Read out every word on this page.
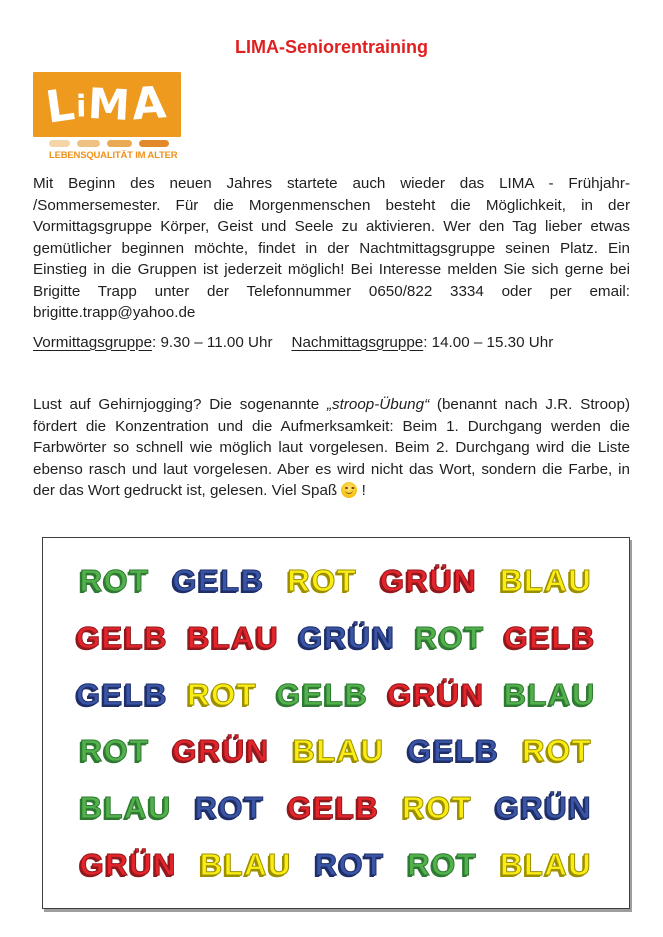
LIMA-Seniorentraining
LiMA
LEBENSQUALITÄT IM ALTER
Mit Beginn des neuen Jahres startete auch wieder das LIMA - Frühjahr-
/Sommersemester. Für die Morgenmenschen besteht die Möglichkeit, in der
Vormittagsgruppe Körper, Geist und Seele zu aktivieren. Wer den Tag lieber etwas
gemütlicher beginnen möchte, findet in der Nachtmittagsgruppe seinen Platz. Ein
Einstieg in die Gruppen ist jederzeit möglich! Bei Interesse melden Sie sich gerne bei
Brigitte Trapp unter der Telefonnummer 0650/822 3334 oder per email:
brigitte.trapp@yahoo.de
Vormittagsgruppe: 9.30 – 11.00 Uhr Nachmittagsgruppe: 14.00 – 15.30 Uhr
Lust auf Gehirnjogging? Die sogenannte „stroop-Übung“ (benannt nach J.R. Stroop)
fördert die Konzentration und die Aufmerksamkeit: Beim 1. Durchgang werden die
Farbwörter so schnell wie möglich laut vorgelesen. Beim 2. Durchgang wird die Liste
ebenso rasch und laut vorgelesen. Aber es wird nicht das Wort, sondern die Farbe, in
der das Wort gedruckt ist, gelesen. Viel Spaß  !
ROT GELB ROT GRÜN BLAU
GELB BLAU GRÜN ROT GELB
GELB ROT GELB GRÜN BLAU
ROT GRÜN BLAU GELB ROT
BLAU ROT GELB ROT GRÜN
GRÜN BLAU ROT ROT BLAU
